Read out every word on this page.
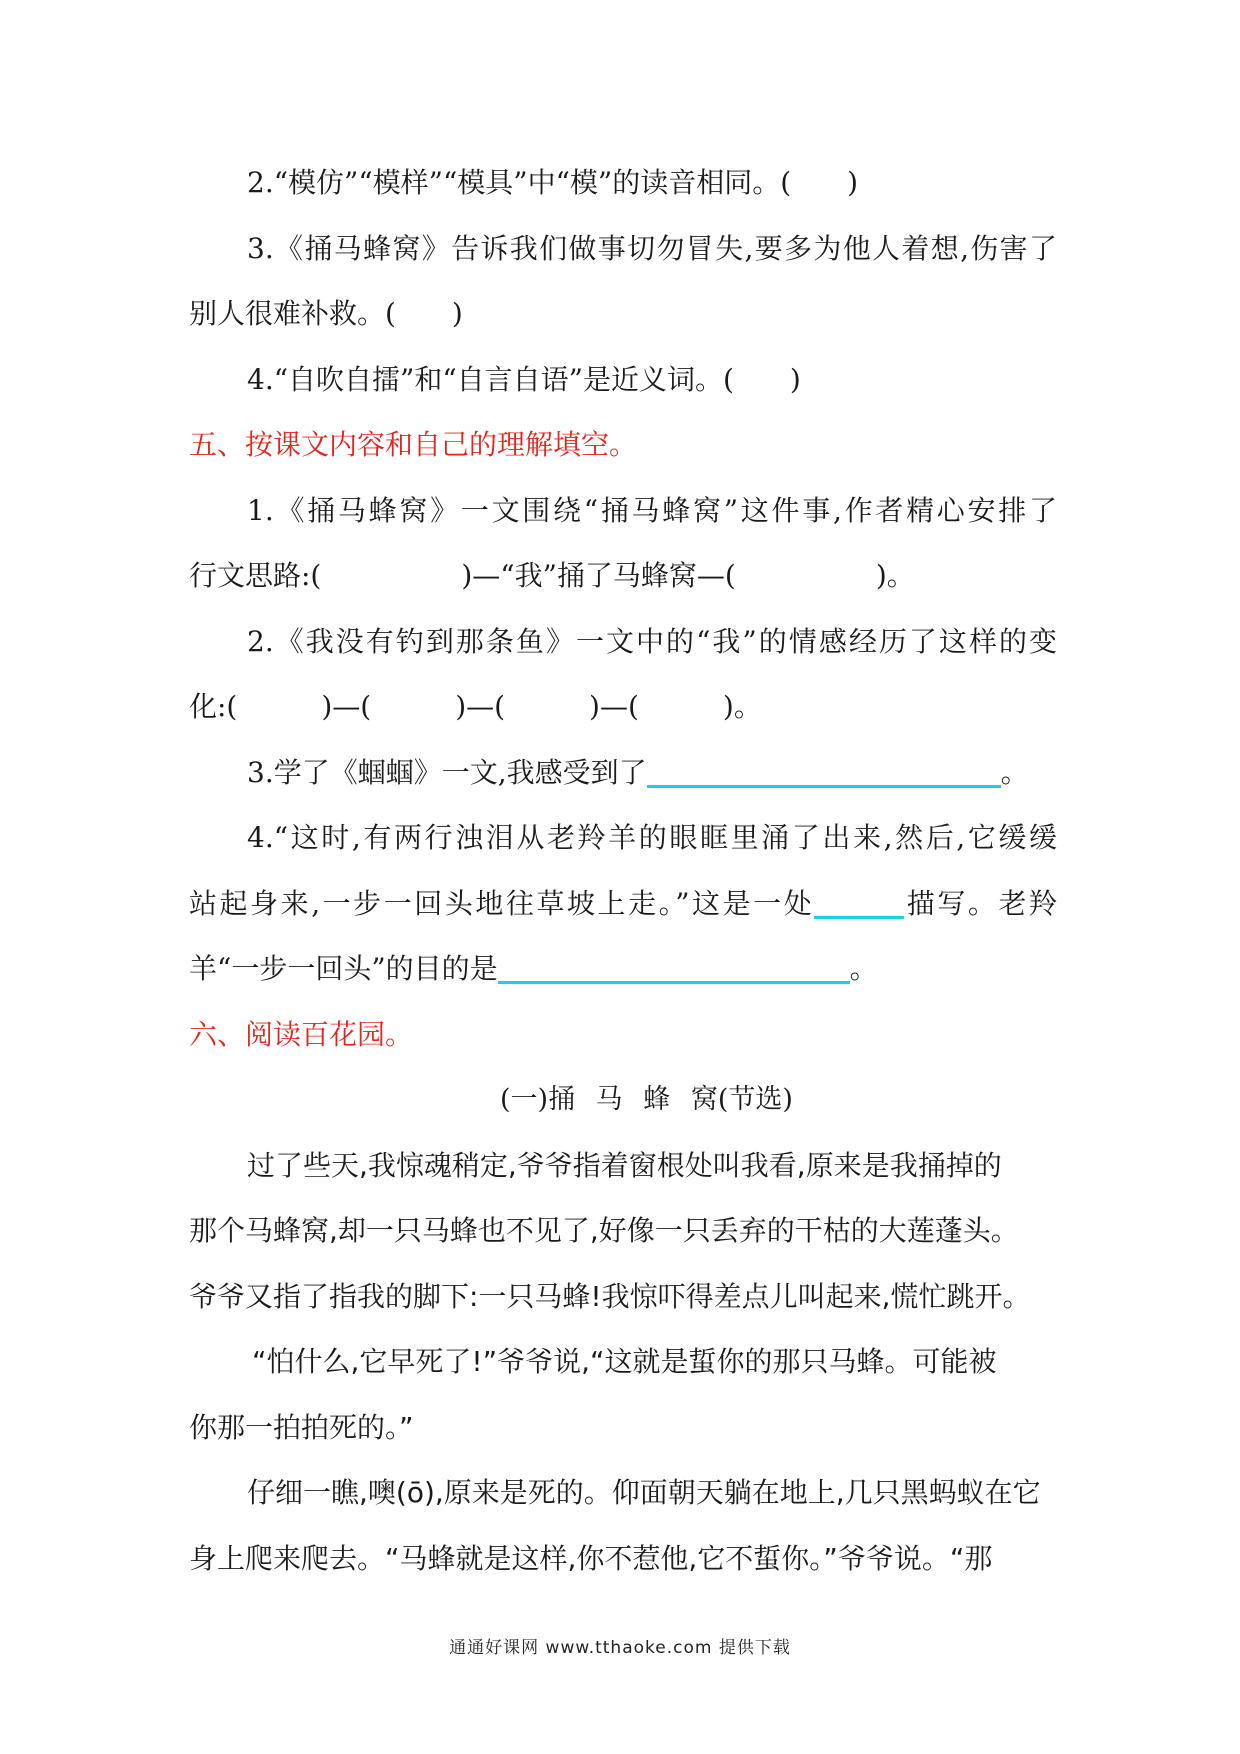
2.“模仿”“模样”“模具”中“模”的读音相同。(　　)
3.《捅马蜂窝》告诉我们做事切勿冒失,要多为他人着想,伤害了
别人很难补救。(　　)
4.“自吹自擂”和“自言自语”是近义词。(　　)
五、按课文内容和自己的理解填空。
1.《捅马蜂窝》一文围绕“捅马蜂窝”这件事,作者精心安排了
行文思路:(　　　　　)—“我”捅了马蜂窝—(　　　　　)。
2.《我没有钓到那条鱼》一文中的“我”的情感经历了这样的变
化:(　　　)—(　　　)—(　　　)—(　　　)。
3.学了《蝈蝈》一文,我感受到了	。
4.“这时,有两行浊泪从老羚羊的眼眶里涌了出来,然后,它缓缓
站起身来,一步一回头地往草坡上走。”这是一处	描写。老羚
羊“一步一回头”的目的是	。
六、阅读百花园。
(一)捅 马 蜂 窝(节选)
过了些天,我惊魂稍定,爷爷指着窗根处叫我看,原来是我捅掉的
那个马蜂窝,却一只马蜂也不见了,好像一只丢弃的干枯的大莲蓬头。
爷爷又指了指我的脚下:一只马蜂!我惊吓得差点儿叫起来,慌忙跳开。
“怕什么,它早死了!”爷爷说,“这就是蜇你的那只马蜂。可能被
你那一拍拍死的。”
仔细一瞧,噢(ō),原来是死的。仰面朝天躺在地上,几只黑蚂蚁在它
身上爬来爬去。“马蜂就是这样,你不惹他,它不蜇你。”爷爷说。“那
通通好课网 www.tthaoke.com 提供下载
